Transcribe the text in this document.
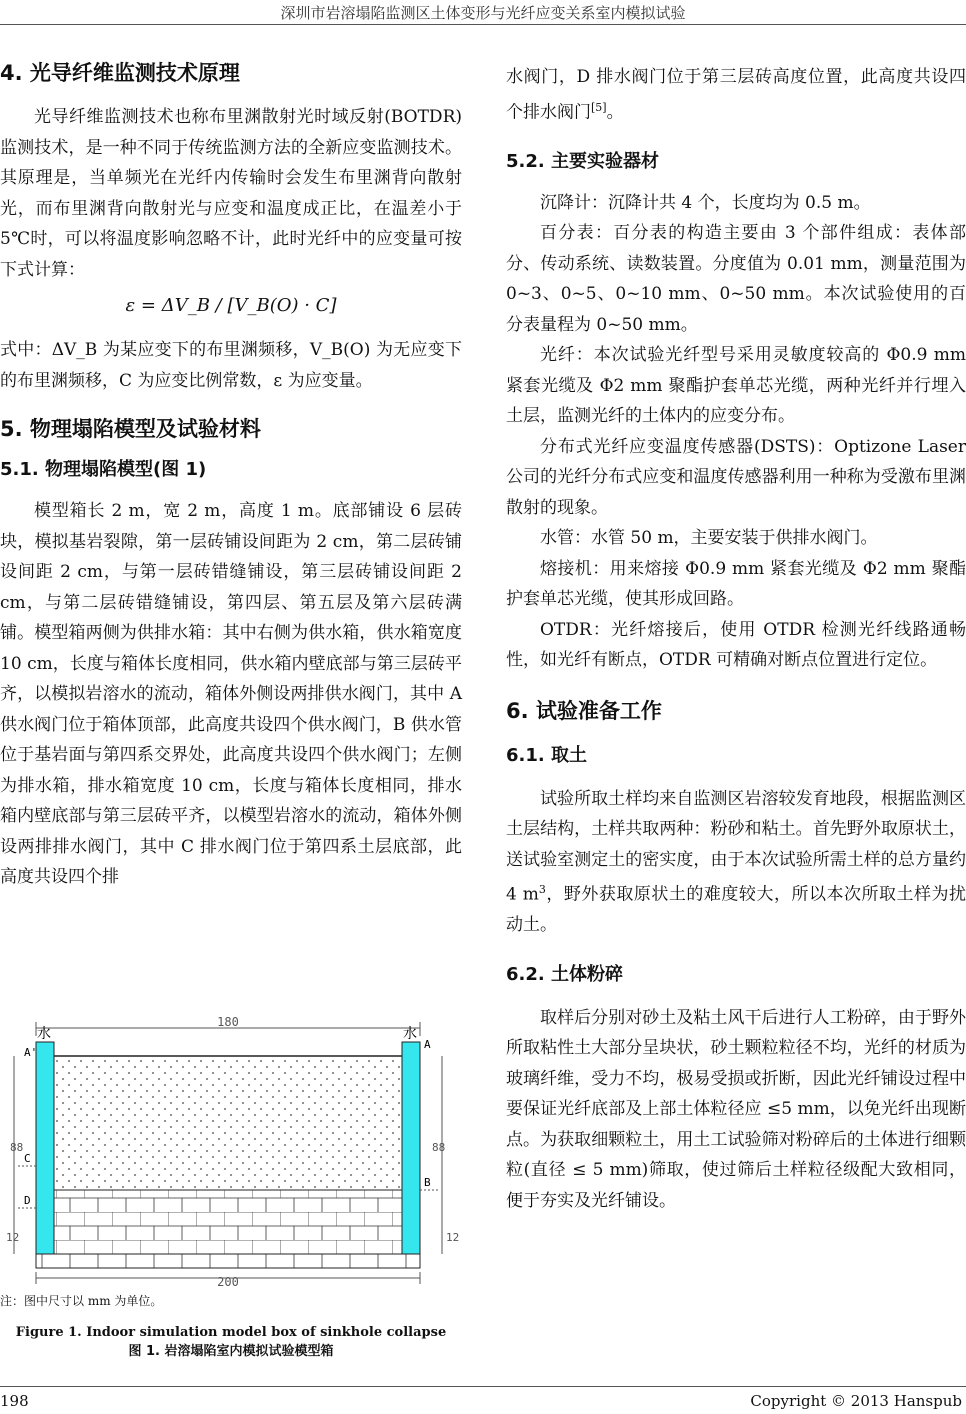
深圳市岩溶塌陷监测区土体变形与光纤应变关系室内模拟试验
4. 光导纤维监测技术原理

光导纤维监测技术也称布里渊散射光时域反射(BOTDR)监测技术，是一种不同于传统监测方法的全新应变监测技术。其原理是，当单频光在光纤内传输时会发生布里渊背向散射光，而布里渊背向散射光与应变和温度成正比，在温差小于 5℃时，可以将温度影响忽略不计，此时光纤中的应变量可按下式计算：

ε = ΔV_B / [V_B(O) · C]

式中：ΔV_B 为某应变下的布里渊频移，V_B(O) 为无应变下的布里渊频移，C 为应变比例常数，ε 为应变量。

5. 物理塌陷模型及试验材料
5.1. 物理塌陷模型(图 1)

模型箱长 2 m，宽 2 m，高度 1 m。底部铺设 6 层砖块，模拟基岩裂隙，第一层砖铺设间距为 2 cm，第二层砖铺设间距 2 cm，与第一层砖错缝铺设，第三层砖铺设间距 2 cm，与第二层砖错缝铺设，第四层、第五层及第六层砖满铺。模型箱两侧为供排水箱：其中右侧为供水箱，供水箱宽度 10 cm，长度与箱体长度相同，供水箱内壁底部与第三层砖平齐，以模拟岩溶水的流动，箱体外侧设两排供水阀门，其中 A 供水阀门位于箱体顶部，此高度共设四个供水阀门，B 供水管位于基岩面与第四系交界处，此高度共设四个供水阀门；左侧为排水箱，排水箱宽度 10 cm，长度与箱体长度相同，排水箱内壁底部与第三层砖平齐，以模型岩溶水的流动，箱体外侧设两排排水阀门，其中 C 排水阀门位于第四系土层底部，此高度共设四个排

180
水	水
200
88
12
88
12
A'
A
B
C
D
注：图中尺寸以 mm 为单位。
Figure 1. Indoor simulation model box of sinkhole collapse
图 1. 岩溶塌陷室内模拟试验模型箱

水阀门，D 排水阀门位于第三层砖高度位置，此高度共设四个排水阀门[5]。

5.2. 主要实验器材

沉降计：沉降计共 4 个，长度均为 0.5 m。

百分表：百分表的构造主要由 3 个部件组成：表体部分、传动系统、读数装置。分度值为 0.01 mm，测量范围为 0~3、0~5、0~10 mm、0~50 mm。本次试验使用的百分表量程为 0~50 mm。

光纤：本次试验光纤型号采用灵敏度较高的 Φ0.9 mm 紧套光缆及 Φ2 mm 聚酯护套单芯光缆，两种光纤并行埋入土层，监测光纤的土体内的应变分布。

分布式光纤应变温度传感器(DSTS)：Optizone Laser 公司的光纤分布式应变和温度传感器利用一种称为受激布里渊散射的现象。

水管：水管 50 m，主要安装于供排水阀门。

熔接机：用来熔接 Φ0.9 mm 紧套光缆及 Φ2 mm 聚酯护套单芯光缆，使其形成回路。

OTDR：光纤熔接后，使用 OTDR 检测光纤线路通畅性，如光纤有断点，OTDR 可精确对断点位置进行定位。

6. 试验准备工作
6.1. 取土

试验所取土样均来自监测区岩溶较发育地段，根据监测区土层结构，土样共取两种：粉砂和粘土。首先野外取原状土，送试验室测定土的密实度，由于本次试验所需土样的总方量约 4 $m^3$，野外获取原状土的难度较大，所以本次所取土样为扰动土。

6.2. 土体粉碎

取样后分别对砂土及粘土风干后进行人工粉碎，由于野外所取粘性土大部分呈块状，砂土颗粒粒径不均，光纤的材质为玻璃纤维，受力不均，极易受损或折断，因此光纤铺设过程中要保证光纤底部及上部土体粒径应 ≤5 mm，以免光纤出现断点。为获取细颗粒土，用土工试验筛对粉碎后的土体进行细颗粒(直径 ≤ 5 mm)筛取，使过筛后土样粒径级配大致相同，便于夯实及光纤铺设。

198	Copyright © 2013 Hanspub
